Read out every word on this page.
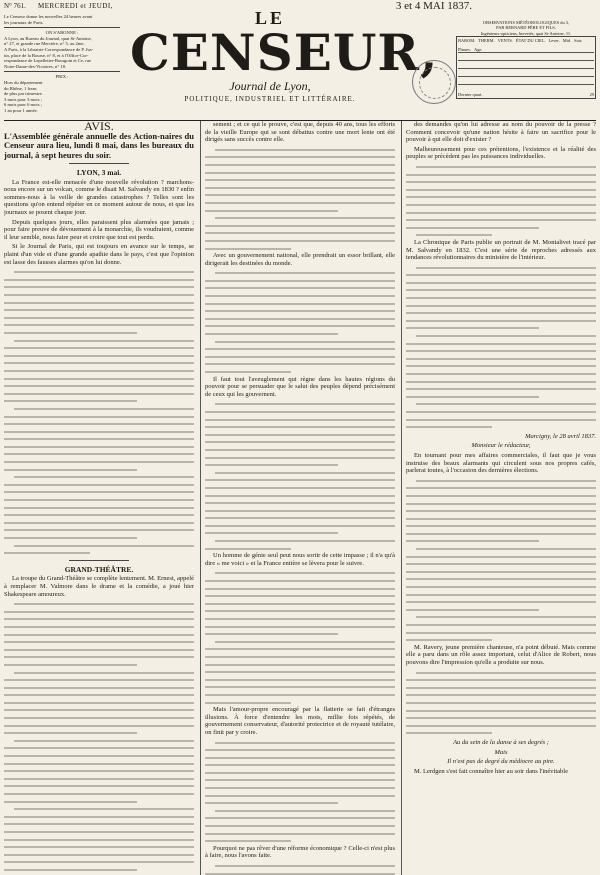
N° 761. MERCREDI et JEUDI,	3 et 4 MAI 1837.
Le Censeur donne les nouvelles 24 heures avant
les journaux de Paris.
ON S'ABONNE :
A Lyon, au Bureau du Journal, quai St-Antoine,
n° 27, et grande rue Mercière, n° 5, au 2me,
A Paris, à la Librairie-Correspondance de P. Jus-
tin, place de la Bourse, n° 8, et à l'Office-Cor-
respondance de Lepelletier-Bourgoin et Ce, rue
Notre-Dame-des-Victoires, n° 18.
PRIX :
Hors du département
du Rhône, 1 franc
de plus par trimestre.
3 mois pour 3 mois ;
6 mois pour 6 mois ;
1 an pour 1 année.
LE
CENSEUR,
Journal de Lyon,
POLITIQUE, INDUSTRIEL ET LITTÉRAIRE.
OBSERVATIONS MÉTÉOROLOGIQUES du 3,
PAR BERNARD PÈRE ET FILS,
Ingénieurs-opticiens, brevetés, quai St-Antoine, 11.
BAROM. THERM. VENTS. ÉTAT DU CIEL. Lever. Mid. Soir.
Phases. Age.
Dernier quart.	29
AVIS.
L'Assemblée générale annuelle des Action-naires du Censeur aura lieu, lundi 8 mai, dans les bureaux du journal, à sept heures du soir.
LYON, 3 mai.

La France est-elle menacée d'une nouvelle révolution ? marchons-nous encore sur un volcan, comme le disait M. Salvandy en 1830 ? enfin sommes-nous à la veille de grandes catastrophes ? Telles sont les questions qu'on entend répéter en ce moment autour de nous, et que les journaux se posent chaque jour.

Depuis quelques jours, elles paraissent plus alarmées que jamais ; pour faire preuve de dévouement à la monarchie, ils voudraient, comme il leur semble, nous faire peur et croire que tout est perdu.

Si le Journal de Paris, qui est toujours en avance sur le temps, se plaint d'un vide et d'une grande apathie dans le pays, c'est que l'opinion est lasse des fausses alarmes qu'on lui donne.

GRAND-THÉÂTRE.

La troupe du Grand-Théâtre se complète lentement. M. Ernest, appelé à remplacer M. Valmore dans le drame et la comédie, a joué hier Shakespeare amoureux.

sement ; et ce qui le prouve, c'est que, depuis 40 ans, tous les efforts de la vieille Europe qui se sont débattus contre une mort lente ont été dirigés sans succès contre elle.

Avec un gouvernement national, elle prendrait un essor brillant, elle dirigerait les destinées du monde.

Il faut tout l'aveuglement qui règne dans les hautes régions du pouvoir pour se persuader que le salut des peuples dépend précisément de ceux qui les gouvernent.

Un homme de génie seul peut nous sortir de cette impasse ; il n'a qu'à dire « me voici » et la France entière se lèvera pour le suivre.

Mais l'amour-propre encouragé par la flatterie se fait d'étranges illusions. À force d'entendre les mots, millie fois répétés, de gouvernement conservateur, d'autorité protectrice et de royauté tutélaire, on finit par y croire.

Pourquoi ne pas rêver d'une réforme économique ? Celle-ci n'est plus à faire, nous l'avons faite.

des demandes qu'on lui adresse au nom du pouvoir de la presse ? Comment concevoir qu'une nation hésite à faire un sacrifice pour le pouvoir à qui elle doit d'exister ?

Malheureusement pour ces prétentions, l'existence et la réalité des peuples se précèdent pas les puissances individuelles.

La Chronique de Paris publie un portrait de M. Montalivet tracé par M. Salvandy en 1832. C'est une série de reproches adressés aux tendances révolutionnaires du ministère de l'intérieur.

Marcigny, le 28 avril 1837.
Monsieur le rédacteur,

En tournant pour mes affaires commerciales, il faut que je vous instruise des beaux alarmants qui circulent sous nos propres cafés, parlerai toutes, à l'occasion des dernières élections.

M. Ravery, jeune première chanteuse, n'a point débuté. Mais comme elle a paru dans un rôle assez important, celui d'Alice de Robert, nous pouvons dire l'impression qu'elle a produite sur nous.

Au du sein de la danse à ses degrés ;
Mais
Il n'est pas de degré du médiocre au pire.

M. Lerdgen s'est fait connaître hier au soir dans l'inévitable
